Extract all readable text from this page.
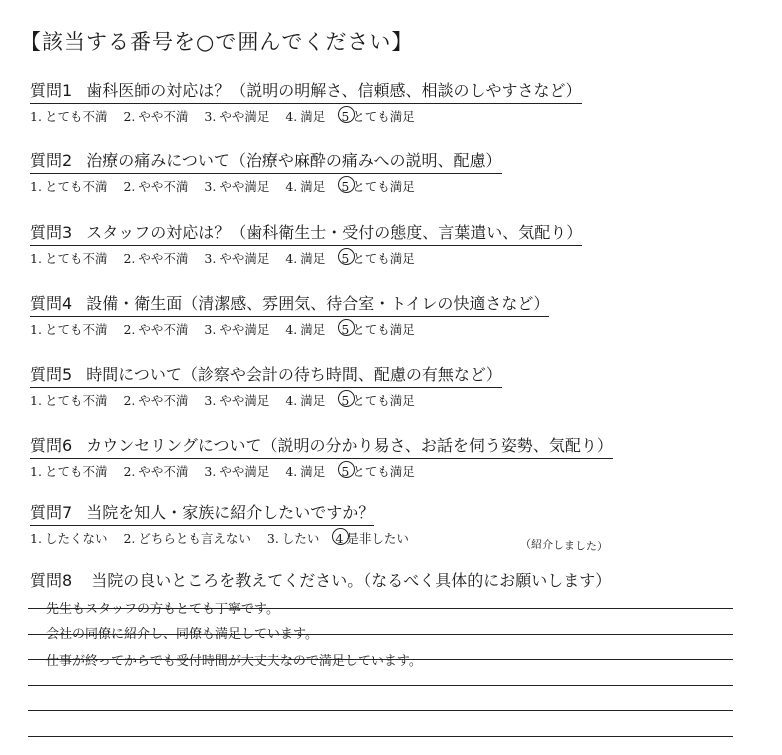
【該当する番号を○で囲んでください】
質問1 歯科医師の対応は？（説明の明解さ、信頼感、相談のしやすさなど）
1. とても不満 2. やや不満 3. やや満足 4. 満足 5 とても満足
質問2 治療の痛みについて（治療や麻酔の痛みへの説明、配慮）
1. とても不満 2. やや不満 3. やや満足 4. 満足 5 とても満足
質問3 スタッフの対応は？（歯科衛生士・受付の態度、言葉遣い、気配り）
1. とても不満 2. やや不満 3. やや満足 4. 満足 5 とても満足
質問4 設備・衛生面（清潔感、雰囲気、待合室・トイレの快適さなど）
1. とても不満 2. やや不満 3. やや満足 4. 満足 5 とても満足
質問5 時間について（診察や会計の待ち時間、配慮の有無など）
1. とても不満 2. やや不満 3. やや満足 4. 満足 5 とても満足
質問6 カウンセリングについて（説明の分かり易さ、お話を伺う姿勢、気配り）
1. とても不満 2. やや不満 3. やや満足 4. 満足 5 とても満足
質問7 当院を知人・家族に紹介したいですか？
1. したくない 2. どちらとも言えない 3. したい 4 是非したい	（紹介しました）
質問8 当院の良いところを教えてください。（なるべく具体的にお願いします）
先生もスタッフの方もとても丁寧です。
会社の同僚に紹介し、同僚も満足しています。
仕事が終ってからでも受付時間が大丈夫なので満足しています。
